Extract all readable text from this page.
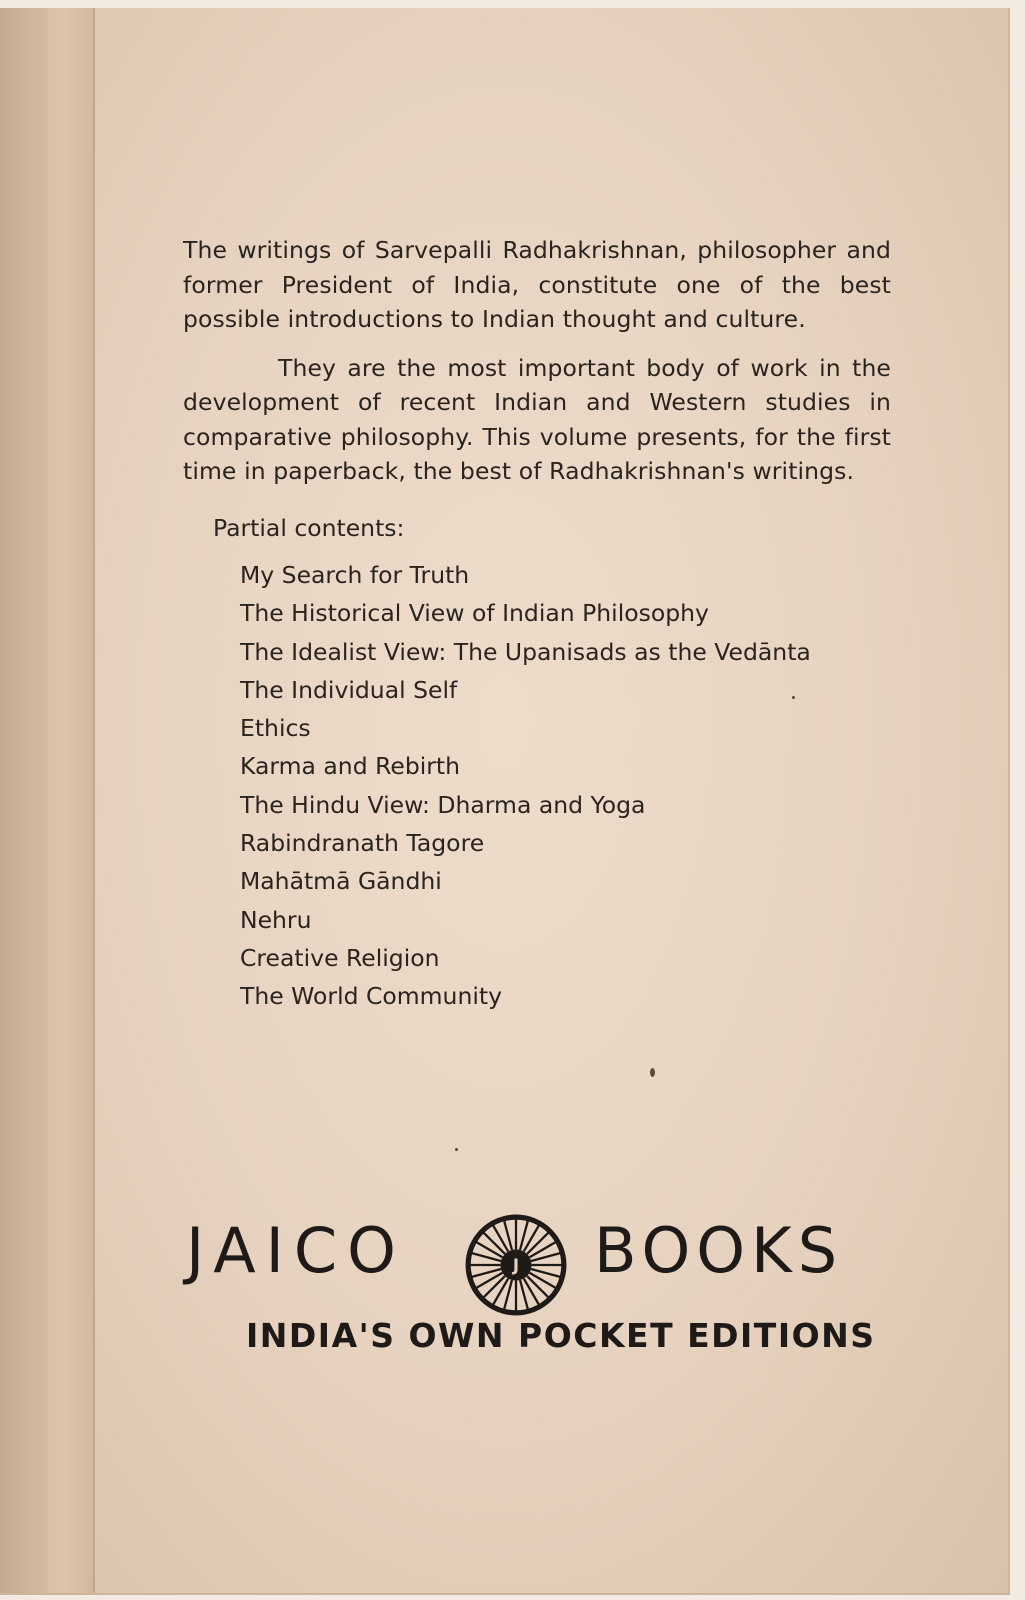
The writings of Sarvepalli Radhakrishnan, philosopher and former President of India, constitute one of the best possible introductions to Indian thought and culture.

They are the most important body of work in the development of recent Indian and Western studies in comparative philosophy. This volume presents, for the first time in paperback, the best of Radhakrishnan's writings.

Partial contents:
My Search for Truth
The Historical View of Indian Philosophy
The Idealist View: The Upanisads as the Vedānta
The Individual Self
Ethics
Karma and Rebirth
The Hindu View: Dharma and Yoga
Rabindranath Tagore
Mahātmā Gāndhi
Nehru
Creative Religion
The World Community
JAICO	J BOOKS
INDIA'S OWN POCKET EDITIONS
